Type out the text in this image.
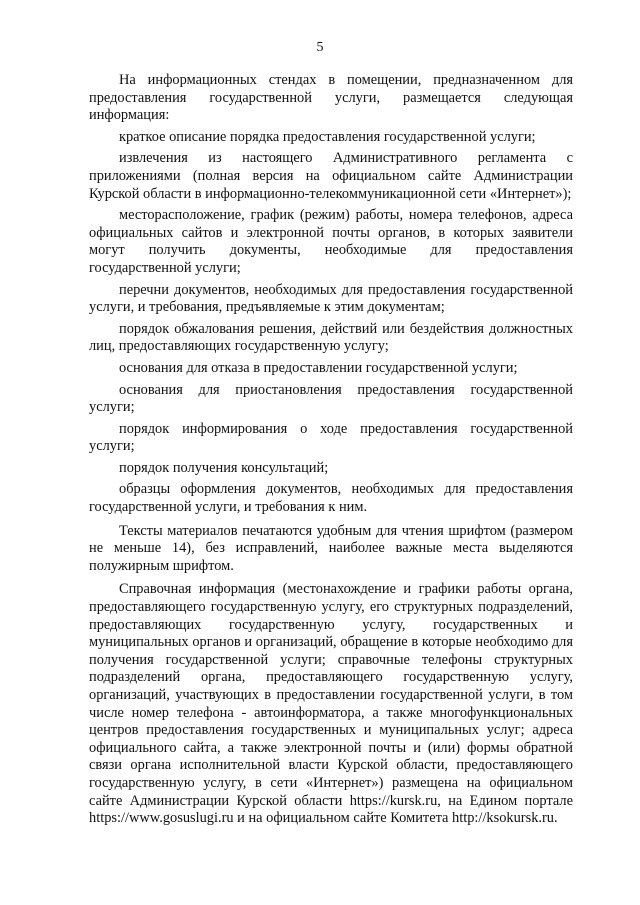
5

На информационных стендах в помещении, предназначенном для предоставления государственной услуги, размещается следующая информация:

краткое описание порядка предоставления государственной услуги;

извлечения из настоящего Административного регламента с приложениями (полная версия на официальном сайте Администрации Курской области в информационно-телекоммуникационной сети «Интернет»);

месторасположение, график (режим) работы, номера телефонов, адреса официальных сайтов и электронной почты органов, в которых заявители могут получить документы, необходимые для предоставления государственной услуги;

перечни документов, необходимых для предоставления государственной услуги, и требования, предъявляемые к этим документам;

порядок обжалования решения, действий или бездействия должностных лиц, предоставляющих государственную услугу;

основания для отказа в предоставлении государственной услуги;

основания для приостановления предоставления государственной услуги;

порядок информирования о ходе предоставления государственной услуги;

порядок получения консультаций;

образцы оформления документов, необходимых для предоставления государственной услуги, и требования к ним.

Тексты материалов печатаются удобным для чтения шрифтом (размером не меньше 14), без исправлений, наиболее важные места выделяются полужирным шрифтом.

Справочная информация (местонахождение и графики работы органа, предоставляющего государственную услугу, его структурных подразделений, предоставляющих государственную услугу, государственных и муниципальных органов и организаций, обращение в которые необходимо для получения государственной услуги; справочные телефоны структурных подразделений органа, предоставляющего государственную услугу, организаций, участвующих в предоставлении государственной услуги, в том числе номер телефона - автоинформатора, а также многофункциональных центров предоставления государственных и муниципальных услуг; адреса официального сайта, а также электронной почты и (или) формы обратной связи органа исполнительной власти Курской области, предоставляющего государственную услугу, в сети «Интернет») размещена на официальном сайте Администрации Курской области https://kursk.ru, на Едином портале https://www.gosuslugi.ru и на официальном сайте Комитета http://ksokursk.ru.
